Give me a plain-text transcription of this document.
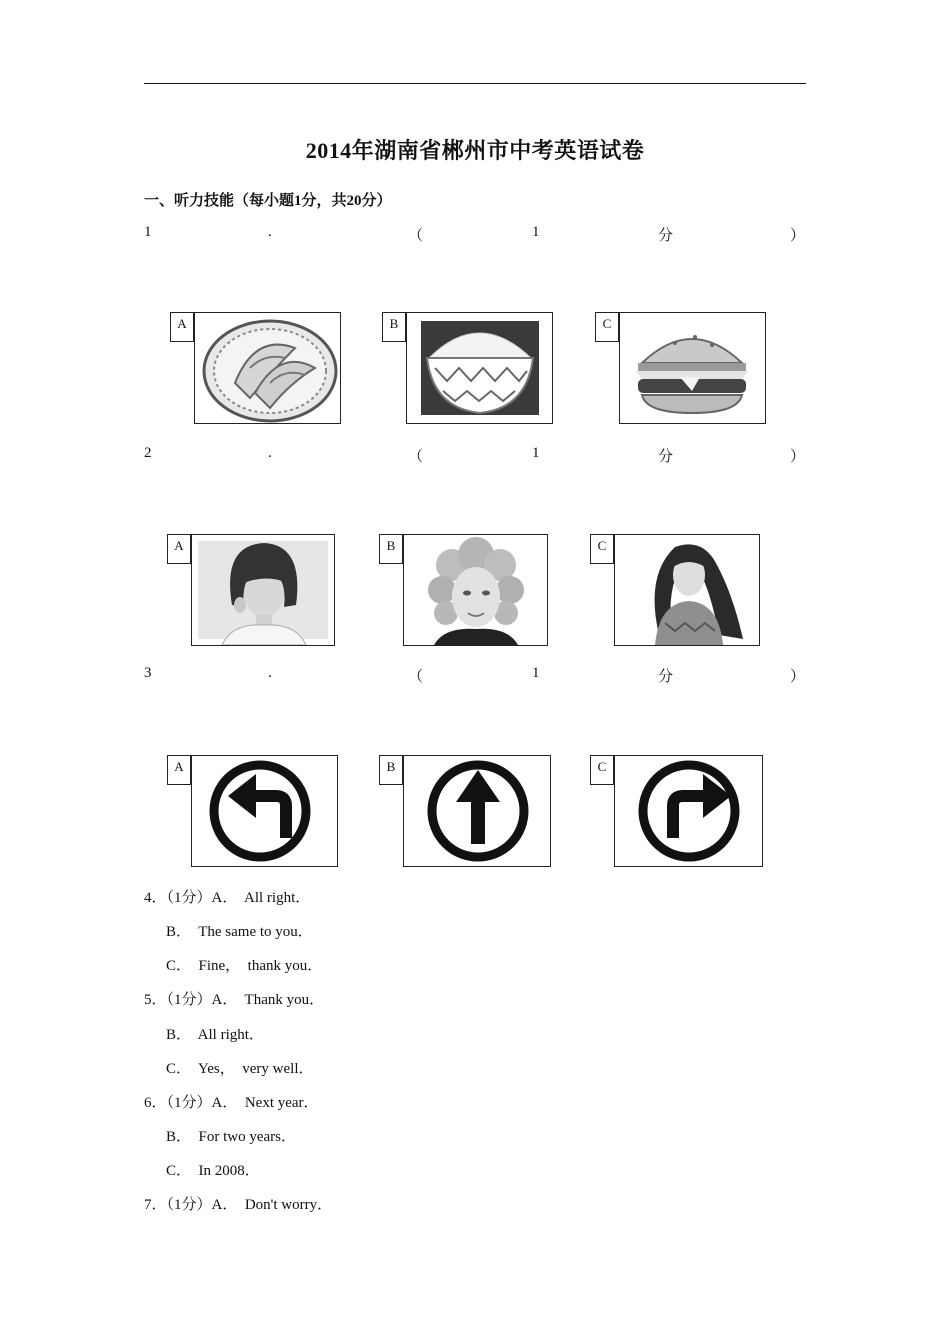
2014年湖南省郴州市中考英语试卷
一、听力技能（每小题1分，共20分）
1	.	（	1	分	）
A	B	C
2	.	（	1	分	）
A	B	C
3	.	（	1	分	）
A	B	C
4．（1分）A．  All right．
B．  The same to you．
C．  Fine，  thank you．
5．（1分）A．  Thank you．
B．  All right．
C．  Yes，  very well．
6．（1分）A．  Next year．
B．  For two years．
C．  In 2008．
7．（1分）A．  Don't worry．
